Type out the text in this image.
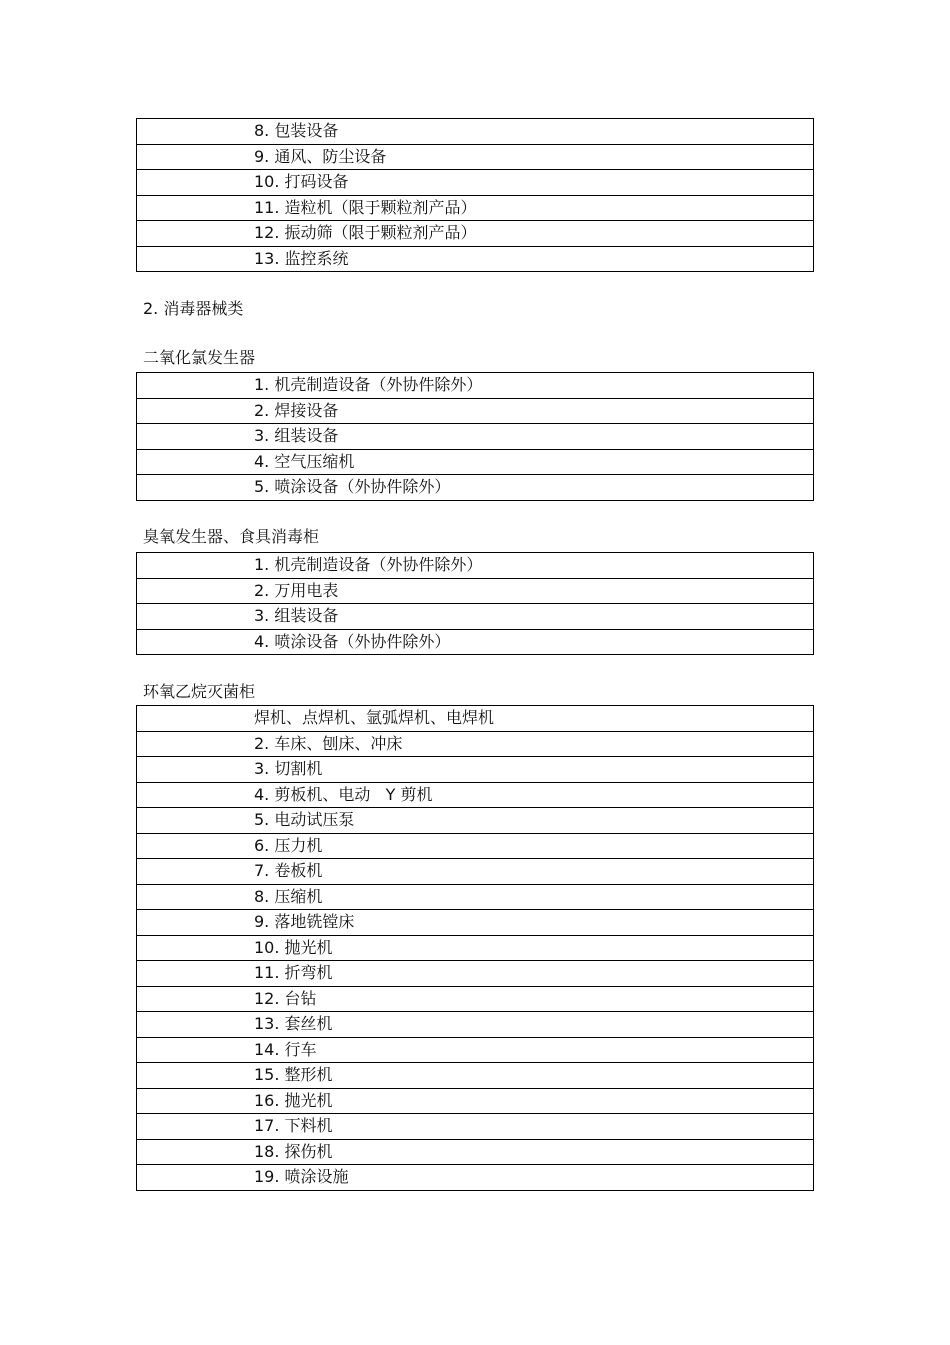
8. 包装设备
9. 通风、防尘设备
10. 打码设备
11. 造粒机（限于颗粒剂产品）
12. 振动筛（限于颗粒剂产品）
13. 监控系统
2. 消毒器械类
二氧化氯发生器
1. 机壳制造设备（外协件除外）
2. 焊接设备
3. 组装设备
4. 空气压缩机
5. 喷涂设备（外协件除外）
臭氧发生器、食具消毒柜
1. 机壳制造设备（外协件除外）
2. 万用电表
3. 组装设备
4. 喷涂设备（外协件除外）
环氧乙烷灭菌柜
焊机、点焊机、氩弧焊机、电焊机
2. 车床、刨床、冲床
3. 切割机
4. 剪板机、电动   Y 剪机
5. 电动试压泵
6. 压力机
7. 卷板机
8. 压缩机
9. 落地铣镗床
10. 抛光机
11. 折弯机
12. 台钻
13. 套丝机
14. 行车
15. 整形机
16. 抛光机
17. 下料机
18. 探伤机
19. 喷涂设施
